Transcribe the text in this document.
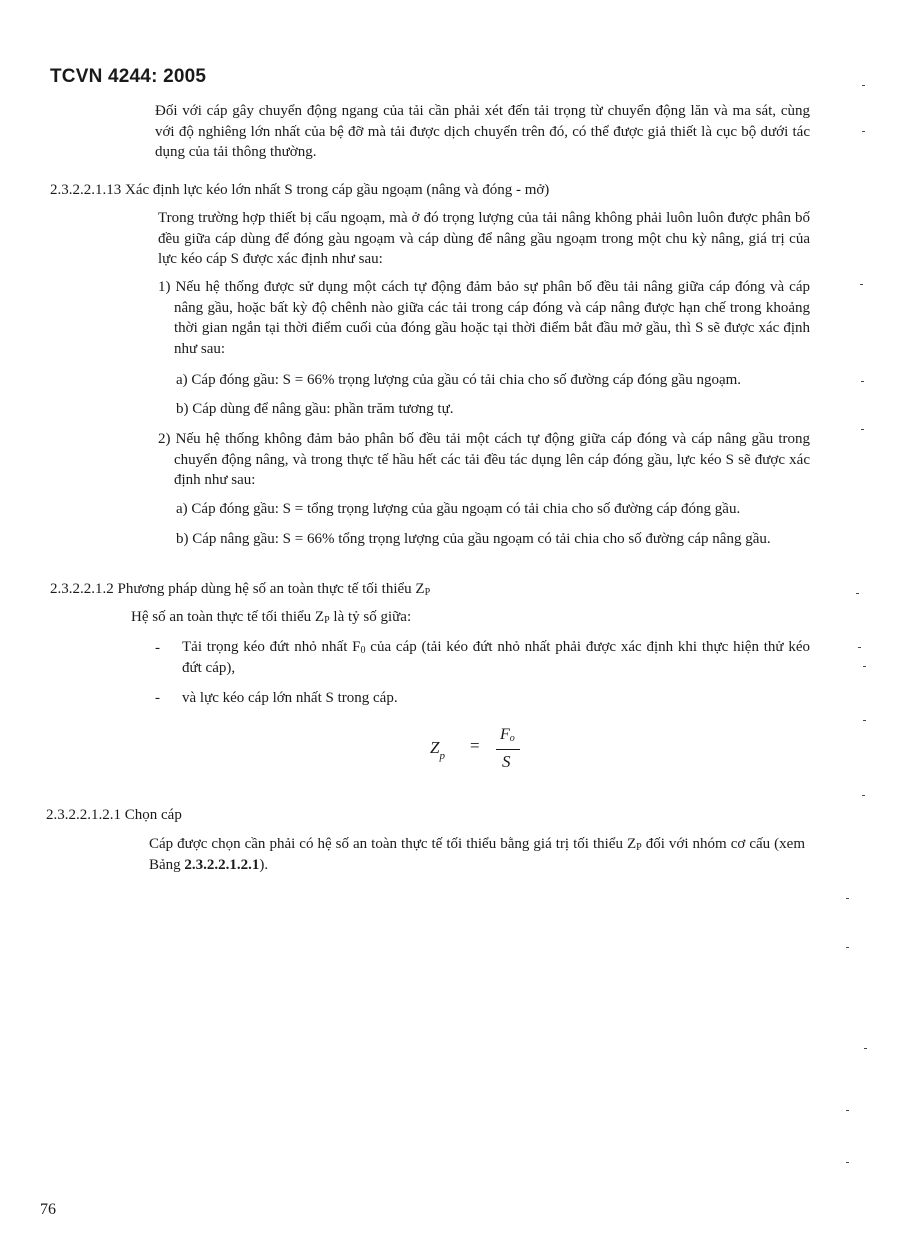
TCVN 4244: 2005

Đối với cáp gây chuyển động ngang của tải cần phải xét đến tải trọng từ chuyển động lăn và ma sát, cùng với độ nghiêng lớn nhất của bệ đỡ mà tải được dịch chuyển trên đó, có thể được giả thiết là cục bộ dưới tác dụng của tải thông thường.

2.3.2.2.1.13 Xác định lực kéo lớn nhất S trong cáp gầu ngoạm (nâng và đóng - mở)

Trong trường hợp thiết bị cẩu ngoạm, mà ở đó trọng lượng của tải nâng không phải luôn luôn được phân bố đều giữa cáp dùng để đóng gàu ngoạm và cáp dùng để nâng gầu ngoạm trong một chu kỳ nâng, giá trị của lực kéo cáp S được xác định như sau:

1) Nếu hệ thống được sử dụng một cách tự động đảm bảo sự phân bố đều tải nâng giữa cáp đóng và cáp nâng gầu, hoặc bất kỳ độ chênh nào giữa các tải trong cáp đóng và cáp nâng được hạn chế trong khoảng thời gian ngắn tại thời điểm cuối của đóng gầu hoặc tại thời điểm bắt đầu mở gầu, thì S sẽ được xác định như sau:

a) Cáp đóng gầu: S = 66% trọng lượng của gầu có tải chia cho số đường cáp đóng gầu ngoạm.

b) Cáp dùng để nâng gầu: phần trăm tương tự.

2) Nếu hệ thống không đảm bảo phân bố đều tải một cách tự động giữa cáp đóng và cáp nâng gầu trong chuyển động nâng, và trong thực tế hầu hết các tải đều tác dụng lên cáp đóng gầu, lực kéo S sẽ được xác định như sau:

a) Cáp đóng gầu: S = tổng trọng lượng của gầu ngoạm có tải chia cho số đường cáp đóng gầu.

b) Cáp nâng gầu: S = 66% tổng trọng lượng của gầu ngoạm có tải chia cho số đường cáp nâng gầu.

2.3.2.2.1.2 Phương pháp dùng hệ số an toàn thực tế tối thiểu $Z_P$

Hệ số an toàn thực tế tối thiểu $Z_P$ là tỷ số giữa:

- Tải trọng kéo đứt nhỏ nhất $F_0$ của cáp (tải kéo đứt nhỏ nhất phải được xác định khi thực hiện thử kéo đứt cáp),

- và lực kéo cáp lớn nhất S trong cáp.

$Z_p$
=
$F_o$
S

2.3.2.2.1.2.1 Chọn cáp

Cáp được chọn cần phải có hệ số an toàn thực tế tối thiểu bằng giá trị tối thiểu $Z_P$ đối với nhóm cơ cấu (xem Bảng 2.3.2.2.1.2.1).

76
